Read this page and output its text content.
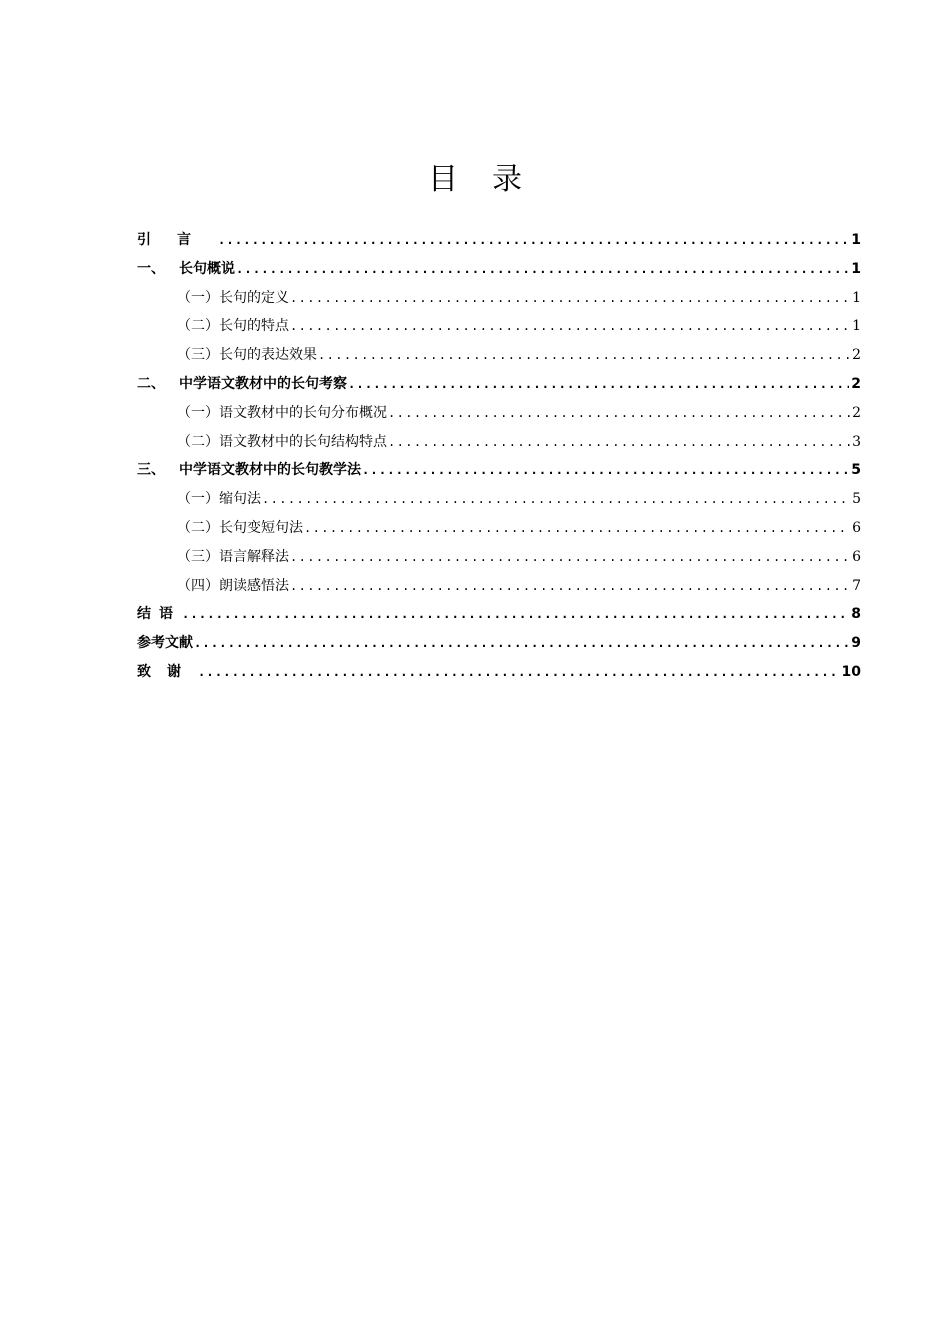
目 录
引言 .....	1
一、	长句概说 .....	1
（一）长句的定义 .....	1
（二）长句的特点 .....	1
（三）长句的表达效果 .....	2
二、	中学语文教材中的长句考察 .....	2
（一）语文教材中的长句分布概况 .....	2
（二）语文教材中的长句结构特点 .....	3
三、	中学语文教材中的长句教学法 .....	5
（一）缩句法 .....	5
（二）长句变短句法 .....	6
（三）语言解释法 .....	6
（四）朗读感悟法 .....	7
结语 .....	8
参考文献 .....	9
致谢 .....	10
